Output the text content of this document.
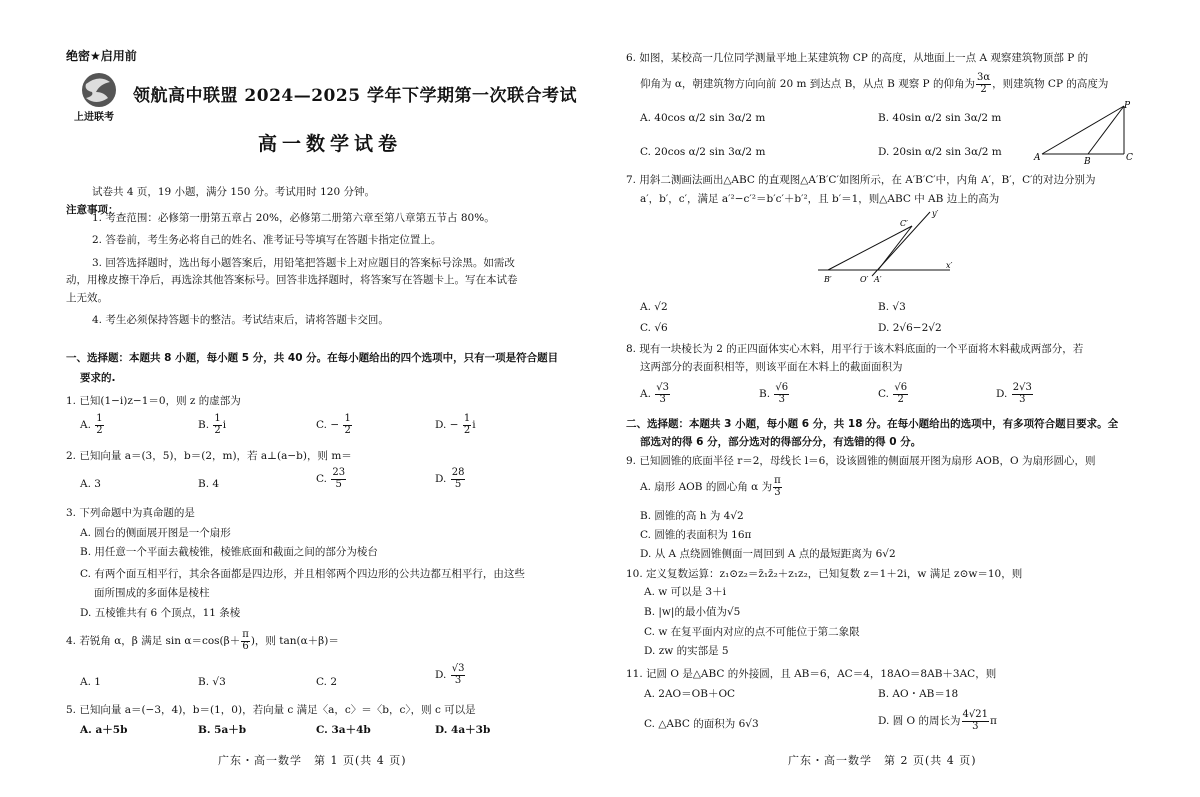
绝密★启用前
上进联考
领航高中联盟 2024—2025 学年下学期第一次联合考试
高一数学试卷
试卷共 4 页，19 小题，满分 150 分。考试用时 120 分钟。
注意事项：
1. 考查范围：必修第一册第五章占 20%，必修第二册第六章至第八章第五节占 80%。
2. 答卷前，考生务必将自己的姓名、准考证号等填写在答题卡指定位置上。
3. 回答选择题时，选出每小题答案后，用铅笔把答题卡上对应题目的答案标号涂黑。如需改
动，用橡皮擦干净后，再选涂其他答案标号。回答非选择题时，将答案写在答题卡上。写在本试卷
上无效。
4. 考生必须保持答题卡的整洁。考试结束后，请将答题卡交回。
一、选择题：本题共 8 小题，每小题 5 分，共 40 分。在每小题给出的四个选项中，只有一项是符合题目
要求的.
1. 已知(1−i)z−1＝0，则 z 的虚部为
A. $\frac{1}{2}$	B. $\frac{1}{2}$ i	C. − $\frac{1}{2}$	D. − $\frac{1}{2}$ i
2. 已知向量 a＝(3，5)，b＝(2，m)，若 a⊥(a−b)，则 m＝
A. 3	B. 4	C. $\frac{23}{5}$	D. $\frac{28}{5}$
3. 下列命题中为真命题的是
A. 圆台的侧面展开图是一个扇形
B. 用任意一个平面去截棱锥，棱锥底面和截面之间的部分为棱台
C. 有两个面互相平行，其余各面都是四边形，并且相邻两个四边形的公共边都互相平行，由这些
面所围成的多面体是棱柱
D. 五棱锥共有 6 个顶点，11 条棱
4. 若锐角 α，β 满足 $\sin \alpha=\cos(\beta+ \frac{\pi}{6}$ )，则 tan(α＋β)＝
A. 1	B. √3	C. 2
D. $\frac{√3}{3}$
5. 已知向量 a＝(−3，4)，b＝(1，0)，若向量 c 满足〈a，c〉＝〈b，c〉，则 c 可以是
A. a＋5b	B. 5a＋b	C. 3a＋4b	D. 4a＋3b
广东・高一数学　第 1 页(共 4 页)
6. 如图，某校高一几位同学测量平地上某建筑物 CP 的高度，从地面上一点 A 观察建筑物顶部 P 的
仰角为 α，朝建筑物方向向前 20 m 到达点 B，从点 B 观察 P 的仰角为 $\frac{3\alpha}{2}$ ，则建筑物 CP 的高度为
A. 40cos α/2 sin 3α/2 m	B. 40sin α/2 sin 3α/2 m
C. 20cos α/2 sin 3α/2 m	D. 20sin α/2 sin 3α/2 m	A	B	C
P
7. 用斜二测画法画出△ABC 的直观图△A′B′C′如图所示，在 A′B′C′中，内角 A′，B′，C′的对边分别为
a′，b′，c′，满足 a′²−c′²＝b′c′＋b′²，且 b′＝1，则△ABC 中 AB 边上的高为
y′
C′
x′
B′	O′ A′
A. √2	B. √3
C. √6	D. 2√6−2√2
8. 现有一块棱长为 2 的正四面体实心木料，用平行于该木料底面的一个平面将木料截成两部分，若
这两部分的表面积相等，则该平面在木料上的截面面积为
A. $\frac{√3}{3}$	B. $\frac{√6}{3}$	C. $\frac{√6}{2}$	D. $\frac{2√3}{3}$
二、选择题：本题共 3 小题，每小题 6 分，共 18 分。在每小题给出的选项中，有多项符合题目要求。全
部选对的得 6 分，部分选对的得部分分，有选错的得 0 分。
9. 已知圆锥的底面半径 r＝2，母线长 l＝6，设该圆锥的侧面展开图为扇形 AOB，O 为扇形圆心，则
A. 扇形 AOB 的圆心角 α 为 $\frac{\pi}{3}$
B. 圆锥的高 h 为 4√2
C. 圆锥的表面积为 16π
D. 从 A 点绕圆锥侧面一周回到 A 点的最短距离为 6√2
10. 定义复数运算：z₁⊙z₂＝z̄₁z̄₂＋z₁z₂，已知复数 z＝1＋2i，w 满足 z⊙w＝10，则
A. w 可以是 3＋i
B. |w|的最小值为√5
C. w 在复平面内对应的点不可能位于第二象限
D. zw 的实部是 5
11. 记圆 O 是△ABC 的外接圆，且 AB＝6，AC＝4，18AO＝8AB＋3AC，则
A. 2AO＝OB＋OC	B. AO・AB＝18
C. △ABC 的面积为 6√3	D. 圆 O 的周长为 $\frac{4√21}{3}$ π
广东・高一数学　第 2 页(共 4 页)
